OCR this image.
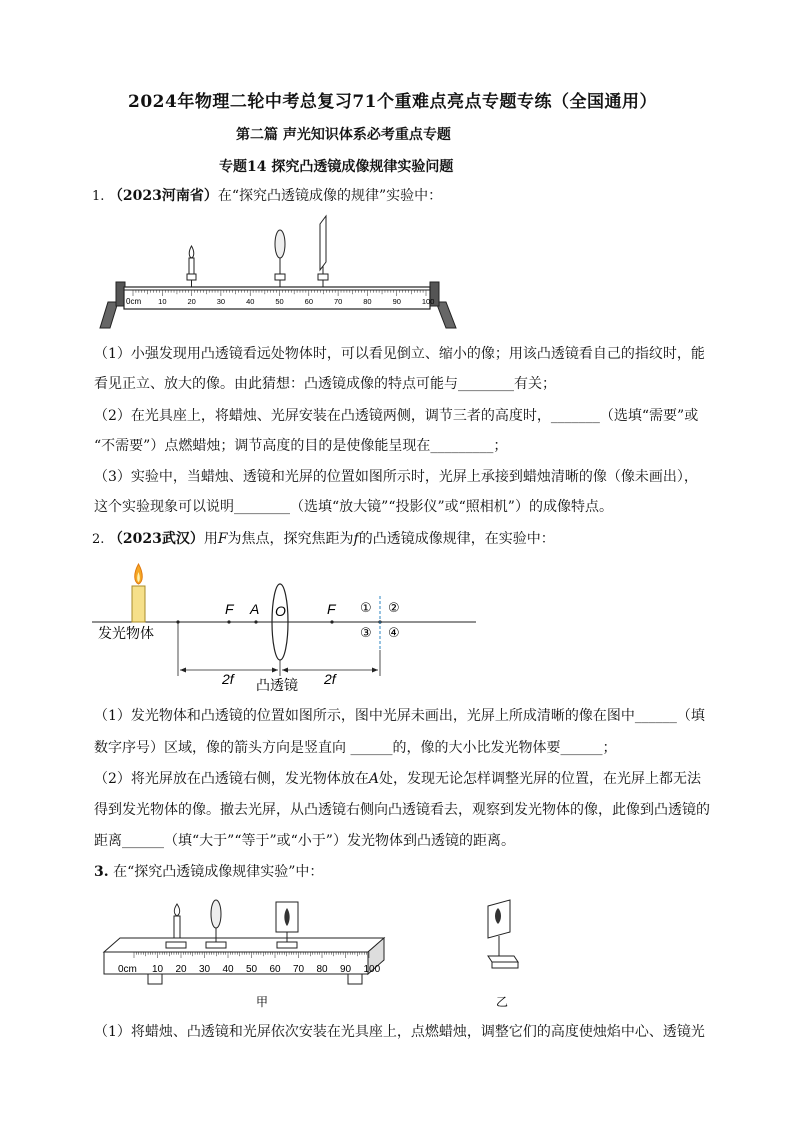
2024年物理二轮中考总复习71个重难点亮点专题专练（全国通用）
第二篇 声光知识体系必考重点专题
专题14 探究凸透镜成像规律实验问题
1. （2023河南省）在“探究凸透镜成像的规律”实验中：
10	20	30	40	50	60	70	80	90	100
0cm
（1）小强发现用凸透镜看远处物体时，可以看见倒立、缩小的像；用该凸透镜看自己的指纹时，能
看见正立、放大的像。由此猜想：凸透镜成像的特点可能与________有关；
（2）在光具座上，将蜡烛、光屏安装在凸透镜两侧，调节三者的高度时，_______（选填“需要”或
“不需要”）点燃蜡烛；调节高度的目的是使像能呈现在_________；
（3）实验中，当蜡烛、透镜和光屏的位置如图所示时，光屏上承接到蜡烛清晰的像（像未画出），
这个实验现象可以说明________（选填“放大镜”“投影仪”或“照相机”）的成像特点。
2. （2023武汉）用F为焦点，探究焦距为f的凸透镜成像规律，在实验中：
发光物体
F A	F
O	① ②
③ ④
2f	2f
凸透镜
（1）发光物体和凸透镜的位置如图所示，图中光屏未画出，光屏上所成清晰的像在图中______（填
数字序号）区域，像的箭头方向是竖直向 ______的，像的大小比发光物体要______；
（2）将光屏放在凸透镜右侧，发光物体放在A处，发现无论怎样调整光屏的位置，在光屏上都无法
得到发光物体的像。撤去光屏，从凸透镜右侧向凸透镜看去，观察到发光物体的像，此像到凸透镜的
距离______（填“大于”“等于”或“小于”）发光物体到凸透镜的距离。
3. 在“探究凸透镜成像规律实验”中：
10 20 30 40 50 60 70 80 90 100
0cm
甲	乙
（1）将蜡烛、凸透镜和光屏依次安装在光具座上，点燃蜡烛，调整它们的高度使烛焰中心、透镜光
